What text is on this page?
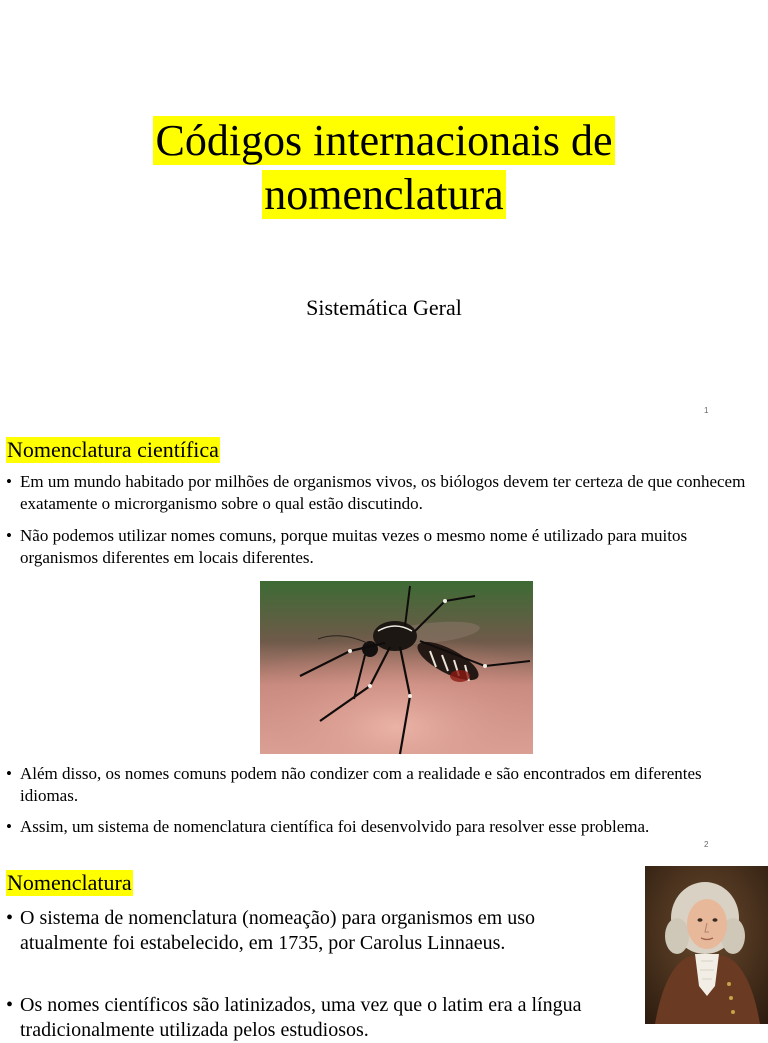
Códigos internacionais de
nomenclatura
Sistemática Geral
1
Nomenclatura científica
• Em um mundo habitado por milhões de organismos vivos, os biólogos devem ter certeza de que conhecem exatamente o microrganismo sobre o qual estão discutindo.
• Não podemos utilizar nomes comuns, porque muitas vezes o mesmo nome é utilizado para muitos organismos diferentes em locais diferentes.
• Além disso, os nomes comuns podem não condizer com a realidade e são encontrados em diferentes idiomas.
• Assim, um sistema de nomenclatura científica foi desenvolvido para resolver esse problema.
2
Nomenclatura
• O sistema de nomenclatura (nomeação) para organismos em uso atualmente foi estabelecido, em 1735, por Carolus Linnaeus.
• Os nomes científicos são latinizados, uma vez que o latim era a língua tradicionalmente utilizada pelos estudiosos.
